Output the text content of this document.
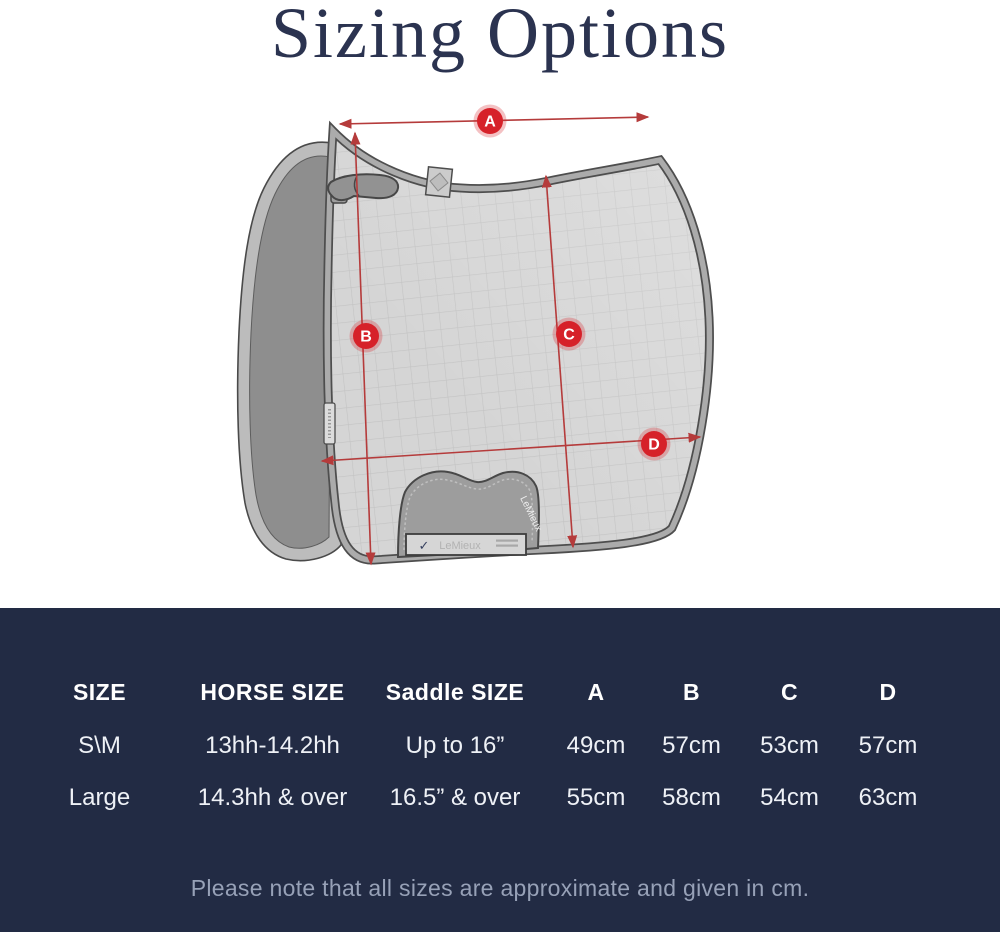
Sizing Options
LeMieux
✓ LeMieux
A
B	C
D
SIZE	HORSE SIZE	Saddle SIZE	A	B	C	D
S\M	13hh-14.2hh	Up to 16”	49cm	57cm	53cm	57cm
Large	14.3hh & over	16.5” & over	55cm	58cm	54cm	63cm
Please note that all sizes are approximate and given in cm.
